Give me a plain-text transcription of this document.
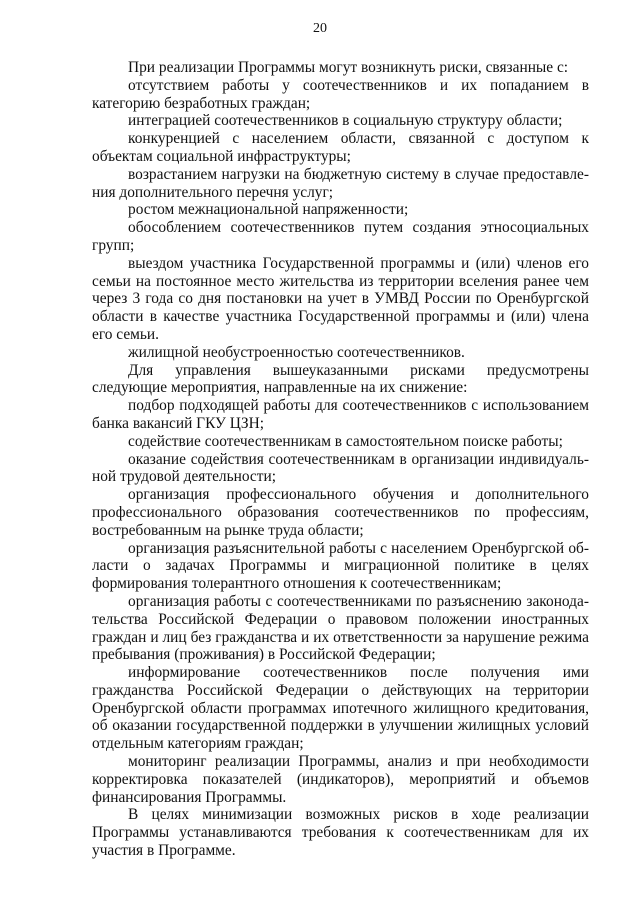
20

При реализации Программы могут возникнуть риски, связанные с:

отсутствием работы у соотечественников и их попаданием в категорию безработных граждан;

интеграцией соотечественников в социальную структуру области;

конкуренцией с населением области, связанной с доступом к объектам социальной инфраструктуры;

возрастанием нагрузки на бюджетную систему в случае предоставления дополнительного перечня услуг;

ростом межнациональной напряженности;

обособлением соотечественников путем создания этносоциальных групп;

выездом участника Государственной программы и (или) членов его семьи на постоянное место жительства из территории вселения ранее чем через 3 года со дня постановки на учет в УМВД России по Оренбургской области в качестве участника Государственной программы и (или) члена его семьи.

жилищной необустроенностью соотечественников.

Для управления вышеуказанными рисками предусмотрены следующие мероприятия, направленные на их снижение:

подбор подходящей работы для соотечественников с использованием банка вакансий ГКУ ЦЗН;

содействие соотечественникам в самостоятельном поиске работы;

оказание содействия соотечественникам в организации индивидуальной трудовой деятельности;

организация профессионального обучения и дополнительного профессионального образования соотечественников по профессиям, востребованным на рынке труда области;

организация разъяснительной работы с населением Оренбургской области о задачах Программы и миграционной политике в целях формирования толерантного отношения к соотечественникам;

организация работы с соотечественниками по разъяснению законодательства Российской Федерации о правовом положении иностранных граждан и лиц без гражданства и их ответственности за нарушение режима пребывания (проживания) в Российской Федерации;

информирование соотечественников после получения ими гражданства Российской Федерации о действующих на территории Оренбургской области программах ипотечного жилищного кредитования, об оказании государственной поддержки в улучшении жилищных условий отдельным категориям граждан;

мониторинг реализации Программы, анализ и при необходимости корректировка показателей (индикаторов), мероприятий и объемов финансирования Программы.

В целях минимизации возможных рисков в ходе реализации Программы устанавливаются требования к соотечественникам для их участия в Программе.
